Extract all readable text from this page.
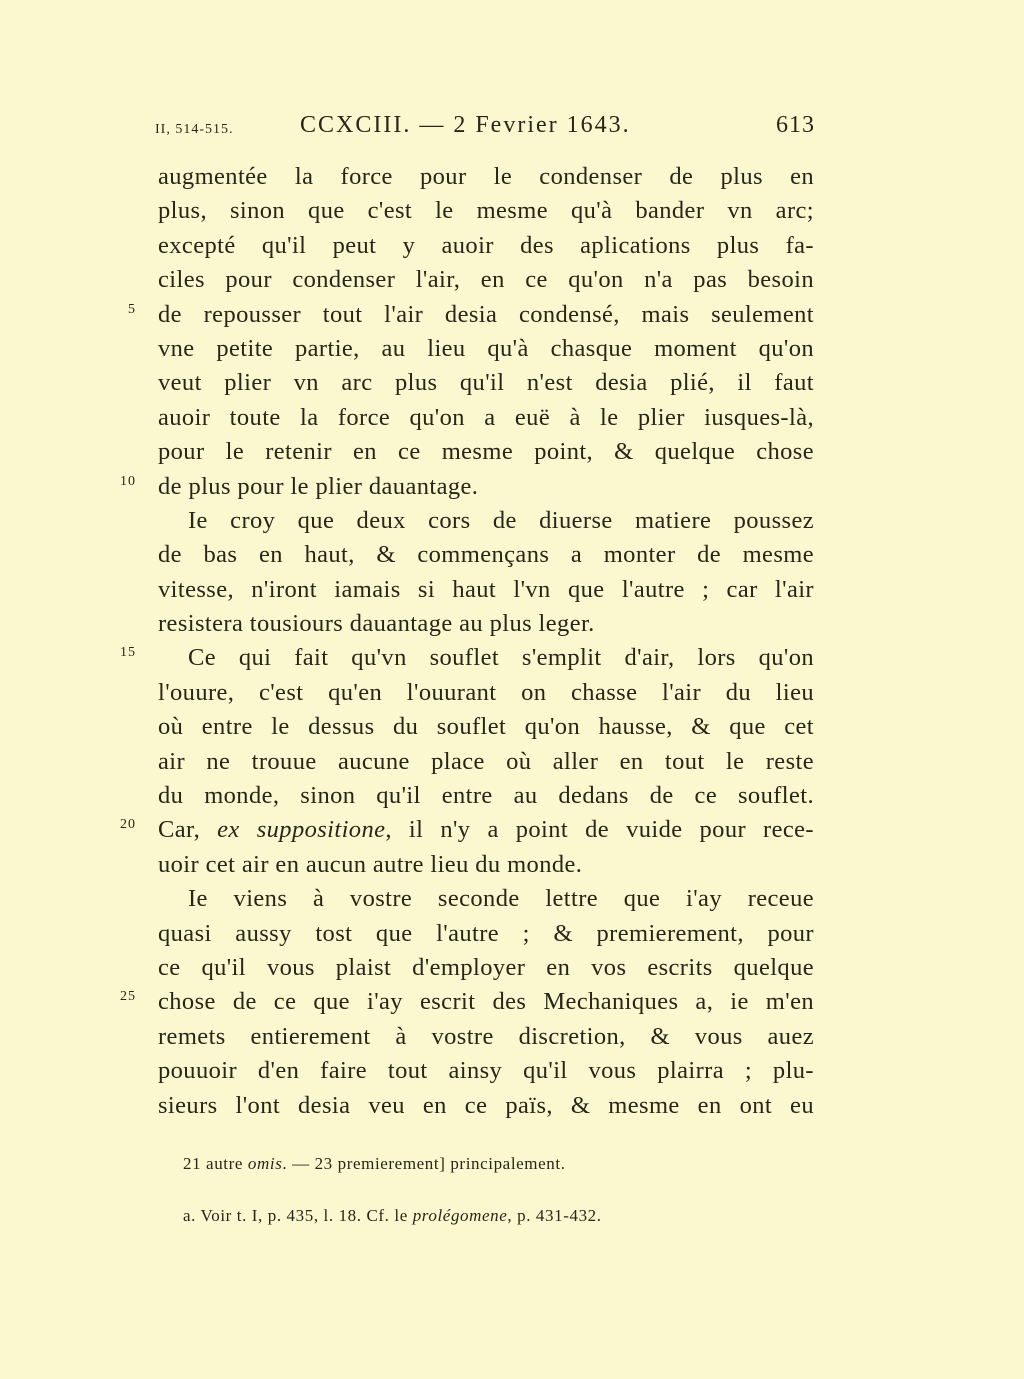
II, 514-515.	CCXCIII. — 2 Fevrier 1643.	613
augmentée la force pour le condenser de plus en
plus, sinon que c'est le mesme qu'à bander vn arc;
excepté qu'il peut y auoir des aplications plus fa-
ciles pour condenser l'air, en ce qu'on n'a pas besoin
5 de repousser tout l'air desia condensé, mais seulement
vne petite partie, au lieu qu'à chasque moment qu'on
veut plier vn arc plus qu'il n'est desia plié, il faut
auoir toute la force qu'on a euë à le plier iusques-là,
pour le retenir en ce mesme point, & quelque chose
10 de plus pour le plier dauantage.
Ie croy que deux cors de diuerse matiere poussez
de bas en haut, & commençans a monter de mesme
vitesse, n'iront iamais si haut l'vn que l'autre ; car l'air
resistera tousiours dauantage au plus leger.
15 Ce qui fait qu'vn souflet s'emplit d'air, lors qu'on
l'ouure, c'est qu'en l'ouurant on chasse l'air du lieu
où entre le dessus du souflet qu'on hausse, & que cet
air ne trouue aucune place où aller en tout le reste
du monde, sinon qu'il entre au dedans de ce souflet.
20 Car, ex suppositione, il n'y a point de vuide pour rece-
uoir cet air en aucun autre lieu du monde.
Ie viens à vostre seconde lettre que i'ay receue
quasi aussy tost que l'autre ; & premierement, pour
ce qu'il vous plaist d'employer en vos escrits quelque
25 chose de ce que i'ay escrit des Mechaniques a, ie m'en
remets entierement à vostre discretion, & vous auez
pouuoir d'en faire tout ainsy qu'il vous plairra ; plu-
sieurs l'ont desia veu en ce païs, & mesme en ont eu
21 autre omis. — 23 premierement] principalement.
a. Voir t. I, p. 435, l. 18. Cf. le prolégomene, p. 431-432.
